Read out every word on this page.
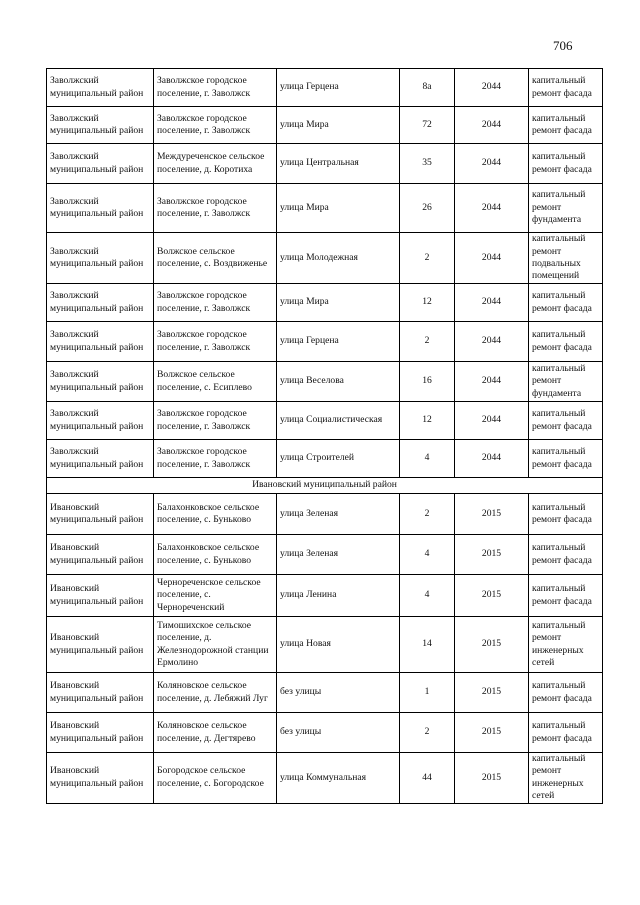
706
Заволжский муниципальный район	Заволжское городское поселение, г. Заволжск	улица Герцена	8а	2044	капитальный ремонт фасада
Заволжский муниципальный район	Заволжское городское поселение, г. Заволжск	улица Мира	72	2044	капитальный ремонт фасада
Заволжский муниципальный район	Междуреченское сельское поселение, д. Коротиха	улица Центральная	35	2044	капитальный ремонт фасада
Заволжский муниципальный район	Заволжское городское поселение, г. Заволжск	улица Мира	26	2044	капитальный ремонт фундамента
Заволжский муниципальный район	Волжское сельское поселение, с. Воздвиженье	улица Молодежная	2	2044	капитальный ремонт подвальных помещений
Заволжский муниципальный район	Заволжское городское поселение, г. Заволжск	улица Мира	12	2044	капитальный ремонт фасада
Заволжский муниципальный район	Заволжское городское поселение, г. Заволжск	улица Герцена	2	2044	капитальный ремонт фасада
Заволжский муниципальный район	Волжское сельское поселение, с. Есиплево	улица Веселова	16	2044	капитальный ремонт фундамента
Заволжский муниципальный район	Заволжское городское поселение, г. Заволжск	улица Социалистическая	12	2044	капитальный ремонт фасада
Заволжский муниципальный район	Заволжское городское поселение, г. Заволжск	улица Строителей	4	2044	капитальный ремонт фасада
Ивановский муниципальный район					
Ивановский муниципальный район	Балахонковское сельское поселение, с. Буньково	улица Зеленая	2	2015	капитальный ремонт фасада
Ивановский муниципальный район	Балахонковское сельское поселение, с. Буньково	улица Зеленая	4	2015	капитальный ремонт фасада
Ивановский муниципальный район	Чернореченское сельское поселение, с. Чернореченский	улица Ленина	4	2015	капитальный ремонт фасада
Ивановский муниципальный район	Тимошихское сельское поселение, д. Железнодорожной станции Ермолино	улица Новая	14	2015	капитальный ремонт инженерных сетей
Ивановский муниципальный район	Коляновское сельское поселение, д. Лебяжий Луг	без улицы	1	2015	капитальный ремонт фасада
Ивановский муниципальный район	Коляновское сельское поселение, д. Дегтярево	без улицы	2	2015	капитальный ремонт фасада
Ивановский муниципальный район	Богородское сельское поселение, с. Богородское	улица Коммунальная	44	2015	капитальный ремонт инженерных сетей
